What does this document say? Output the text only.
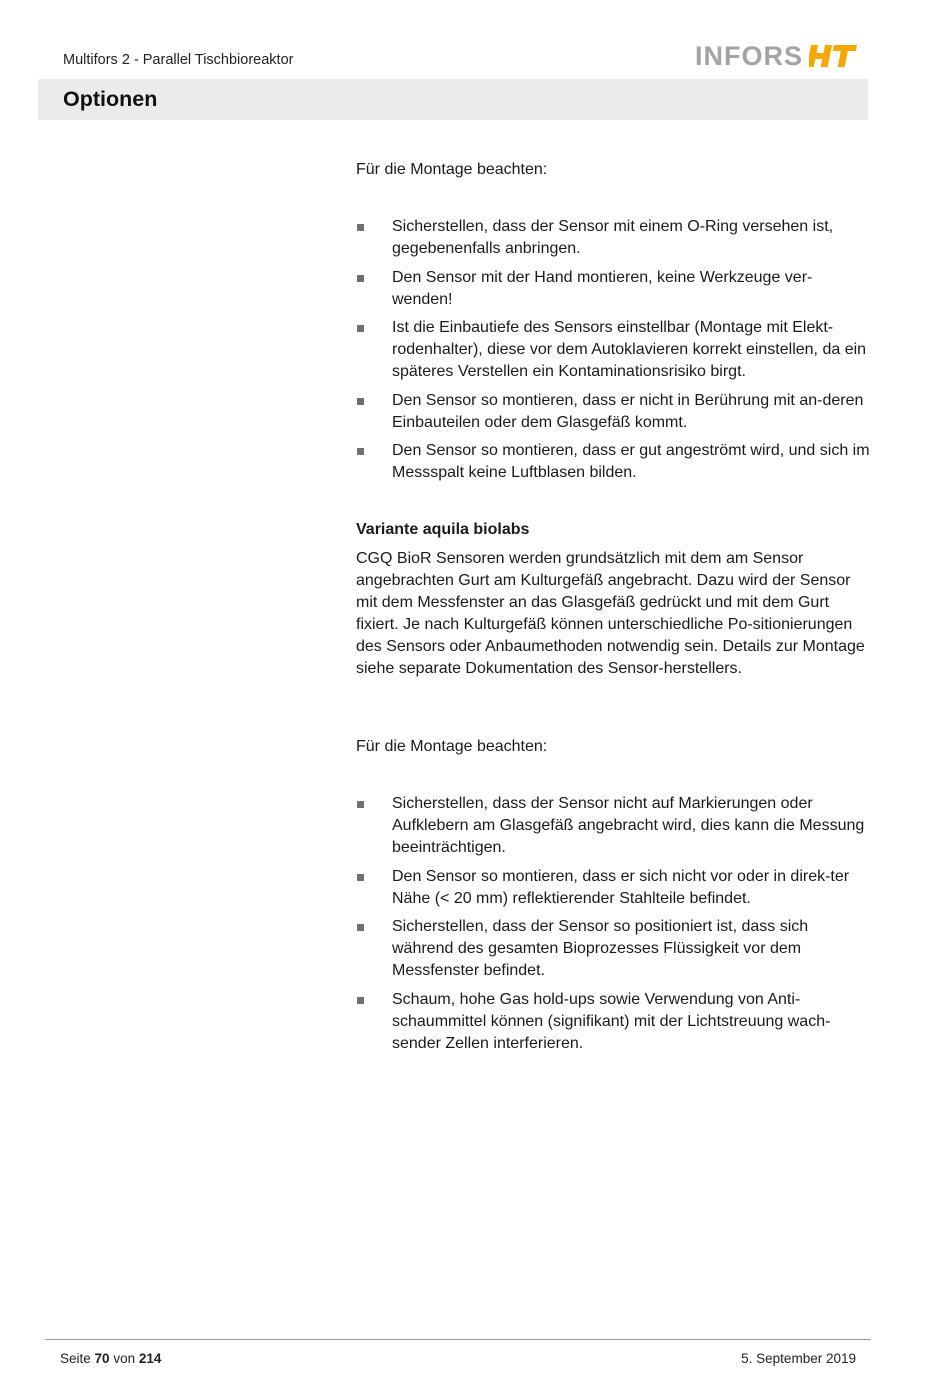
Multifors 2 - Parallel Tischbioreaktor	INFORS
Optionen
Für die Montage beachten:
Sicherstellen, dass der Sensor mit einem O-Ring versehen ist, gegebenenfalls anbringen.
Den Sensor mit der Hand montieren, keine Werkzeuge ver-wenden!
Ist die Einbautiefe des Sensors einstellbar (Montage mit Elekt-rodenhalter), diese vor dem Autoklavieren korrekt einstellen, da ein späteres Verstellen ein Kontaminationsrisiko birgt.
Den Sensor so montieren, dass er nicht in Berührung mit an-deren Einbauteilen oder dem Glasgefäß kommt.
Den Sensor so montieren, dass er gut angeströmt wird, und sich im Messspalt keine Luftblasen bilden.
Variante aquila biolabs
CGQ BioR Sensoren werden grundsätzlich mit dem am Sensor angebrachten Gurt am Kulturgefäß angebracht. Dazu wird der Sensor mit dem Messfenster an das Glasgefäß gedrückt und mit dem Gurt fixiert. Je nach Kulturgefäß können unterschiedliche Po-sitionierungen des Sensors oder Anbaumethoden notwendig sein. Details zur Montage siehe separate Dokumentation des Sensor-herstellers.
Für die Montage beachten:
Sicherstellen, dass der Sensor nicht auf Markierungen oder Aufklebern am Glasgefäß angebracht wird, dies kann die Messung beeinträchtigen.
Den Sensor so montieren, dass er sich nicht vor oder in direk-ter Nähe (< 20 mm) reflektierender Stahlteile befindet.
Sicherstellen, dass der Sensor so positioniert ist, dass sich während des gesamten Bioprozesses Flüssigkeit vor dem Messfenster befindet.
Schaum, hohe Gas hold-ups sowie Verwendung von Anti-schaummittel können (signifikant) mit der Lichtstreuung wach-sender Zellen interferieren.
Seite 70 von 214	5. September 2019
